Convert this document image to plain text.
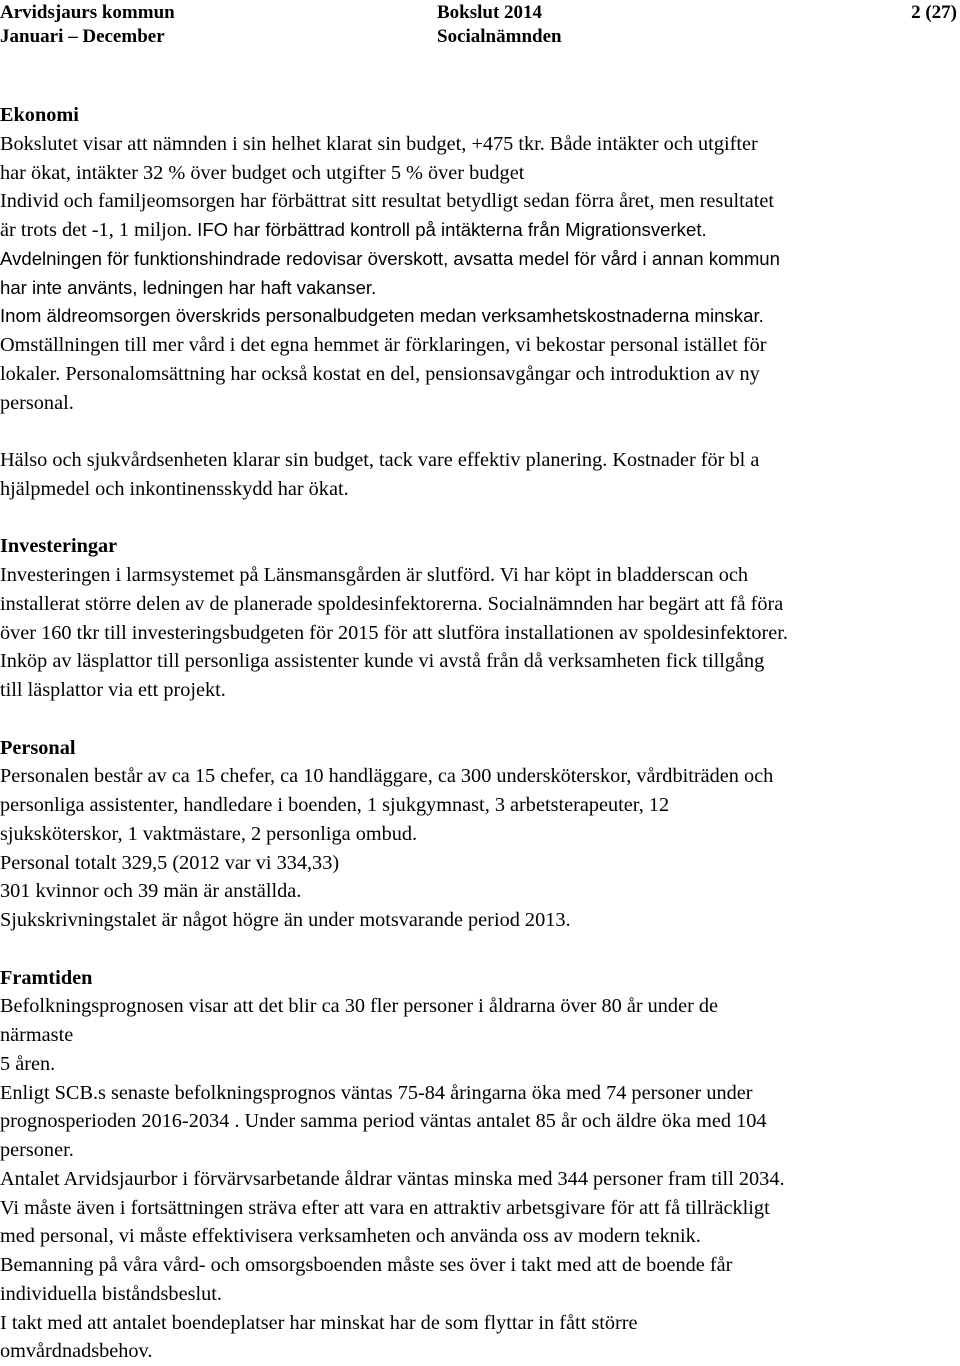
Arvidsjaurs kommun	Bokslut 2014	2 (27)
Januari – December	Socialnämnden

Ekonomi

Bokslutet visar att nämnden i sin helhet klarat sin budget, +475 tkr. Både intäkter och utgifter

har ökat, intäkter 32 % över budget och utgifter 5 % över budget

Individ och familjeomsorgen har förbättrat sitt resultat betydligt sedan förra året, men resultatet

är trots det -1, 1 miljon. IFO har förbättrad kontroll på intäkterna från Migrationsverket.

Avdelningen för funktionshindrade redovisar överskott, avsatta medel för vård i annan kommun

har inte använts, ledningen har haft vakanser.

Inom äldreomsorgen överskrids personalbudgeten medan verksamhetskostnaderna minskar.

Omställningen till mer vård i det egna hemmet är förklaringen, vi bekostar personal istället för

lokaler. Personalomsättning har också kostat en del, pensionsavgångar och introduktion av ny

personal.

Hälso och sjukvårdsenheten klarar sin budget, tack vare effektiv planering. Kostnader för bl a

hjälpmedel och inkontinensskydd har ökat.

Investeringar

Investeringen i larmsystemet på Länsmansgården är slutförd. Vi har köpt in bladderscan och

installerat större delen av de planerade spoldesinfektorerna. Socialnämnden har begärt att få föra

över 160 tkr till investeringsbudgeten för 2015 för att slutföra installationen av spoldesinfektorer.

Inköp av läsplattor till personliga assistenter kunde vi avstå från då verksamheten fick tillgång

till läsplattor via ett projekt.

Personal

Personalen består av ca 15 chefer, ca 10 handläggare, ca 300 undersköterskor, vårdbiträden och

personliga assistenter, handledare i boenden, 1 sjukgymnast, 3 arbetsterapeuter, 12

sjuksköterskor, 1 vaktmästare, 2 personliga ombud.

Personal totalt 329,5 (2012 var vi 334,33)

301 kvinnor och 39 män är anställda.

Sjukskrivningstalet är något högre än under motsvarande period 2013.

Framtiden

Befolkningsprognosen visar att det blir ca 30 fler personer i åldrarna över 80 år under de

närmaste

5 åren.

Enligt SCB.s senaste befolkningsprognos väntas 75-84 åringarna öka med 74 personer under

prognosperioden 2016-2034 . Under samma period väntas antalet 85 år och äldre öka med 104

personer.

Antalet Arvidsjaurbor i förvärvsarbetande åldrar väntas minska med 344 personer fram till 2034.

Vi måste även i fortsättningen sträva efter att vara en attraktiv arbetsgivare för att få tillräckligt

med personal, vi måste effektivisera verksamheten och använda oss av modern teknik.

Bemanning på våra vård- och omsorgsboenden måste ses över i takt med att de boende får

individuella biståndsbeslut.

I takt med att antalet boendeplatser har minskat har de som flyttar in fått större

omvårdnadsbehov.
